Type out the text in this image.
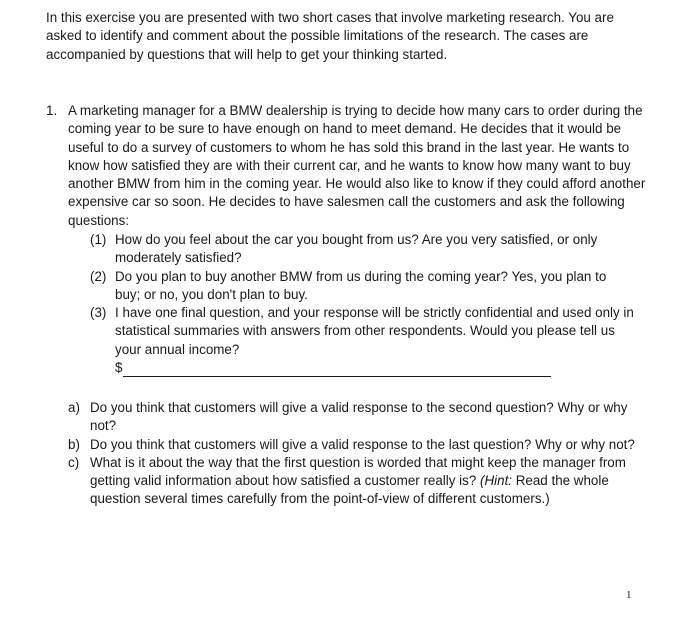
In this exercise you are presented with two short cases that involve marketing research. You are asked to identify and comment about the possible limitations of the research. The cases are accompanied by questions that will help to get your thinking started.

1. A marketing manager for a BMW dealership is trying to decide how many cars to order during the coming year to be sure to have enough on hand to meet demand. He decides that it would be useful to do a survey of customers to whom he has sold this brand in the last year. He wants to know how satisfied they are with their current car, and he wants to know how many want to buy another BMW from him in the coming year. He would also like to know if they could afford another expensive car so soon. He decides to have salesmen call the customers and ask the following questions:

(1) How do you feel about the car you bought from us? Are you very satisfied, or only moderately satisfied?
(2) Do you plan to buy another BMW from us during the coming year? Yes, you plan to buy; or no, you don't plan to buy.
(3) I have one final question, and your response will be strictly confidential and used only in statistical summaries with answers from other respondents. Would you please tell us your annual income?
$
a) Do you think that customers will give a valid response to the second question? Why or why not?
b) Do you think that customers will give a valid response to the last question? Why or why not?
c) What is it about the way that the first question is worded that might keep the manager from getting valid information about how satisfied a customer really is? (Hint: Read the whole question several times carefully from the point-of-view of different customers.)
1
